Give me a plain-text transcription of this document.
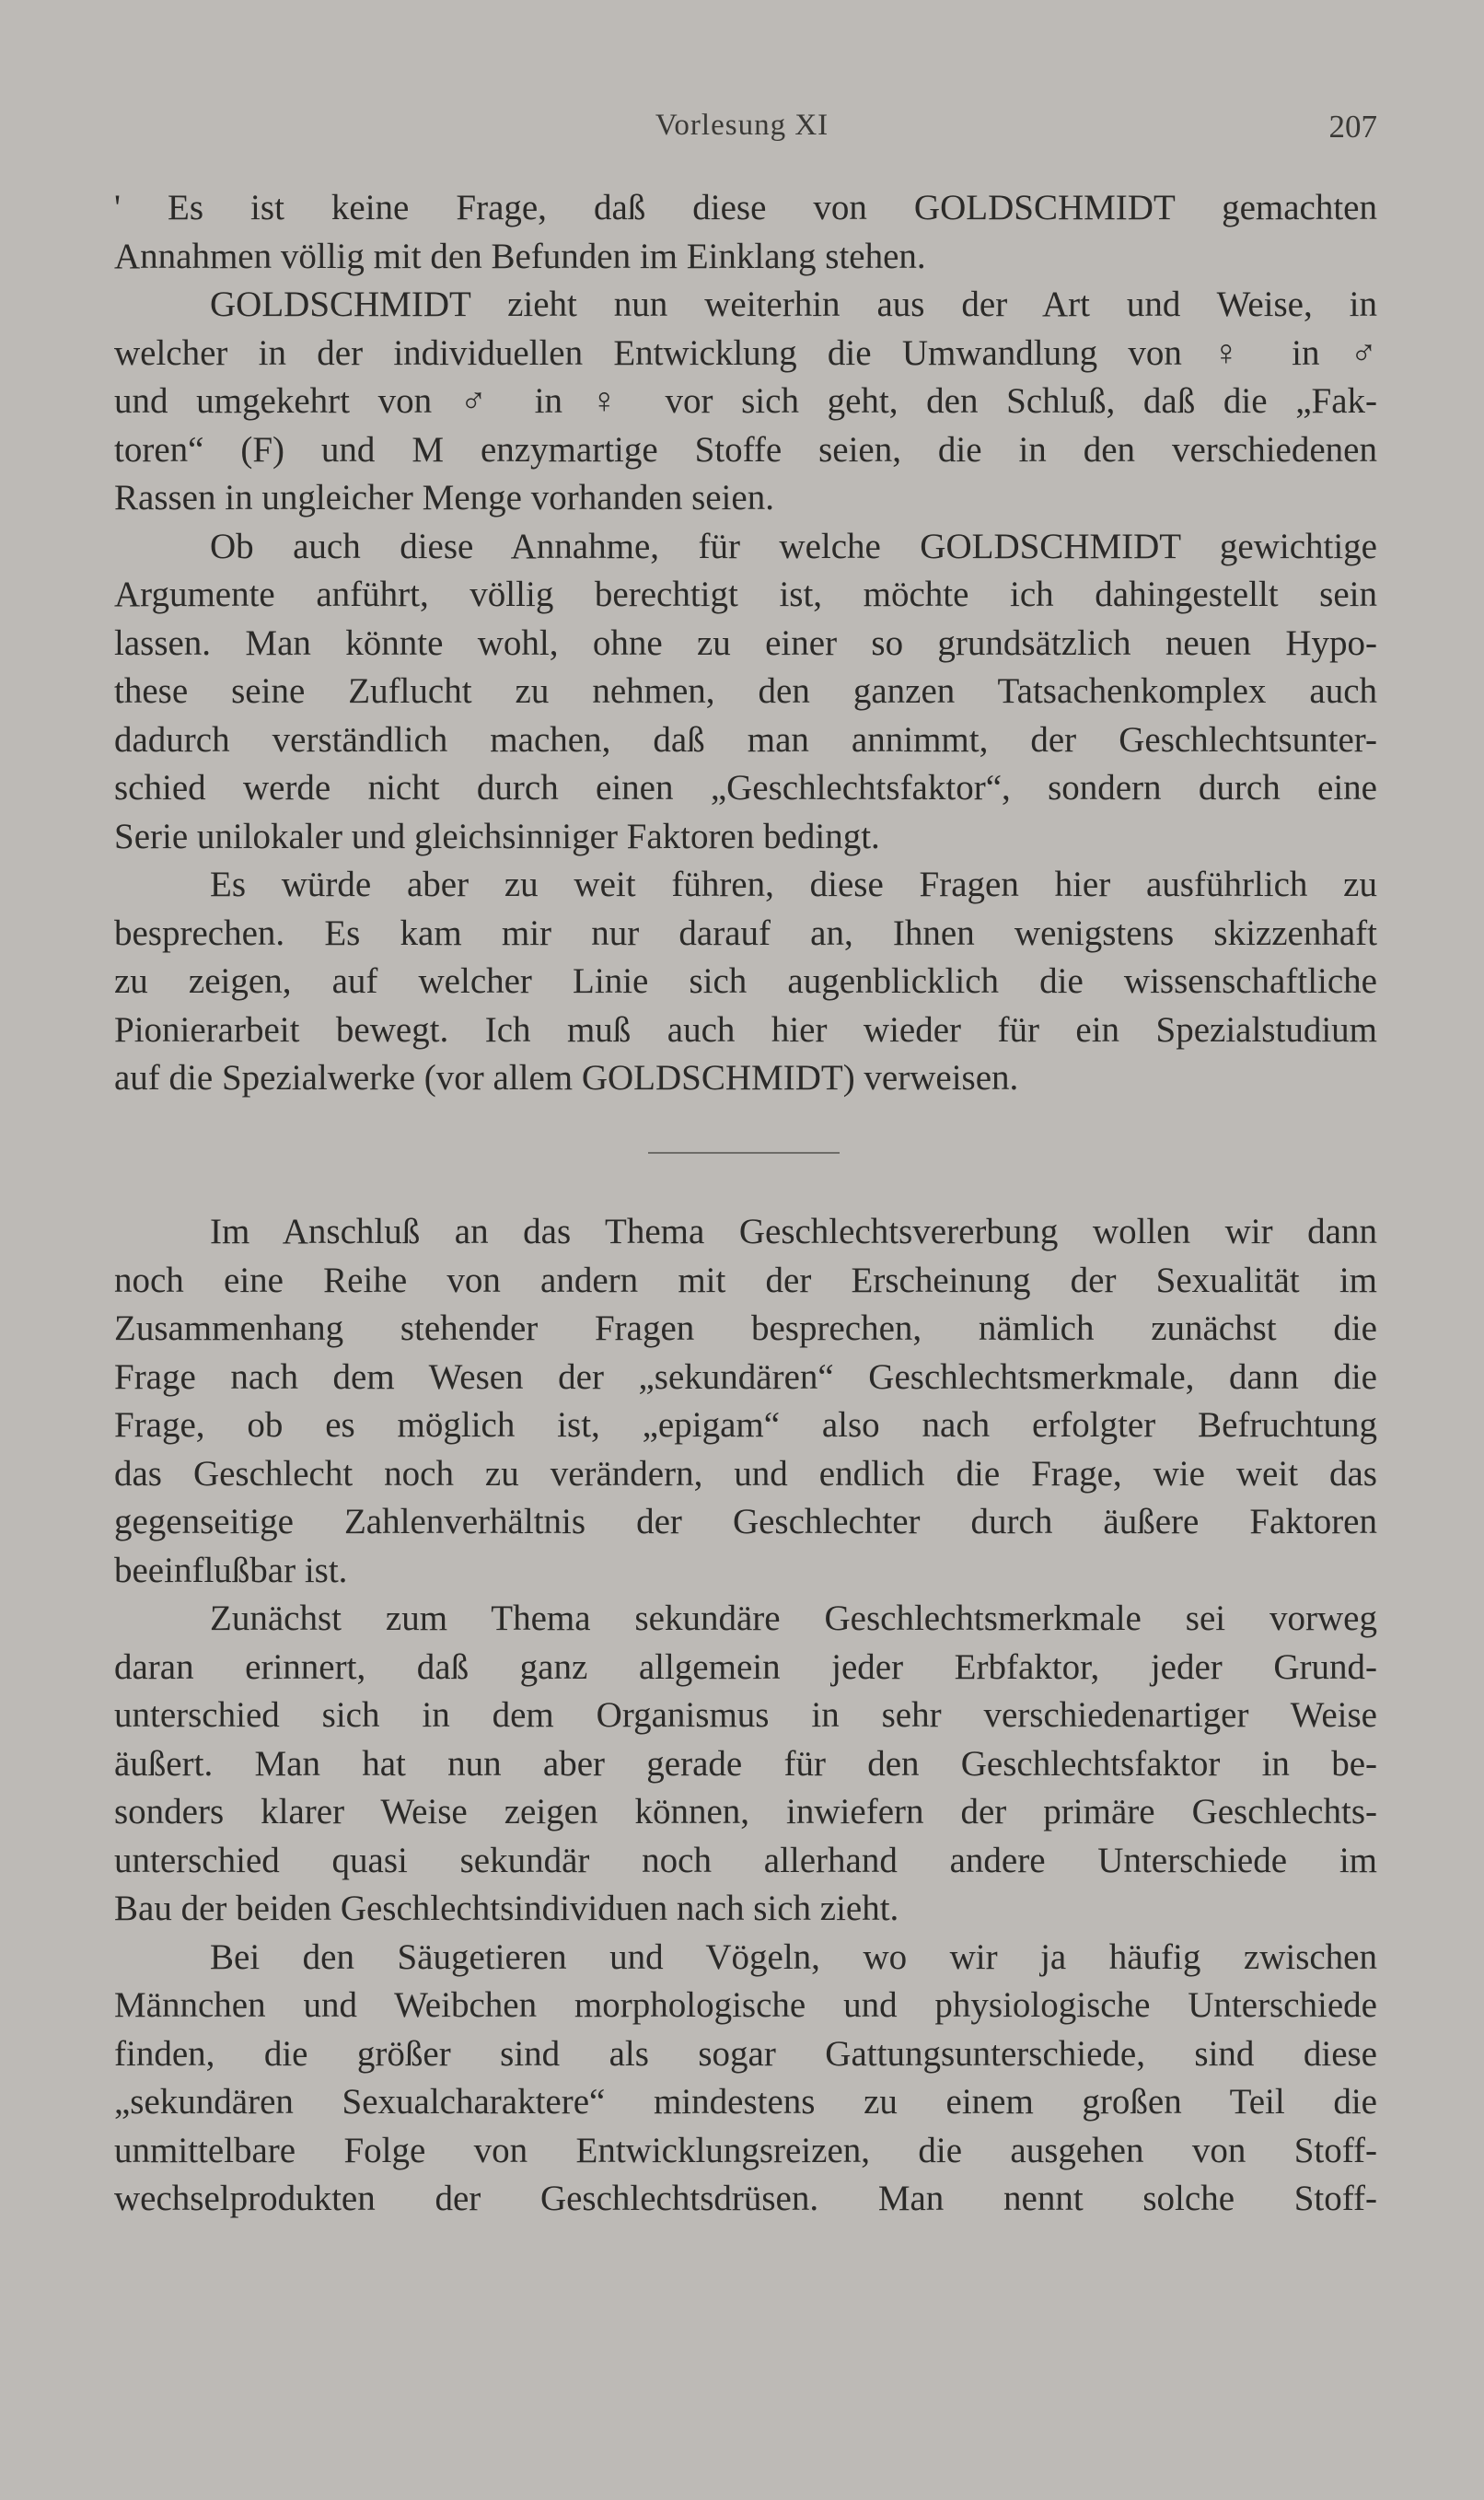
Vorlesung XI	207
' Es ist keine Frage, daß diese von GOLDSCHMIDT gemachten
Annahmen völlig mit den Befunden im Einklang stehen.
GOLDSCHMIDT zieht nun weiterhin aus der Art und Weise, in
welcher in der individuellen Entwicklung die Umwandlung von ♀ in ♂
und umgekehrt von ♂ in ♀ vor sich geht, den Schluß, daß die „Fak-
toren“ (F) und M enzymartige Stoffe seien, die in den verschiedenen
Rassen in ungleicher Menge vorhanden seien.
Ob auch diese Annahme, für welche GOLDSCHMIDT gewichtige
Argumente anführt, völlig berechtigt ist, möchte ich dahingestellt sein
lassen. Man könnte wohl, ohne zu einer so grundsätzlich neuen Hypo-
these seine Zuflucht zu nehmen, den ganzen Tatsachenkomplex auch
dadurch verständlich machen, daß man annimmt, der Geschlechtsunter-
schied werde nicht durch einen „Geschlechtsfaktor“, sondern durch eine
Serie unilokaler und gleichsinniger Faktoren bedingt.
Es würde aber zu weit führen, diese Fragen hier ausführlich zu
besprechen. Es kam mir nur darauf an, Ihnen wenigstens skizzenhaft
zu zeigen, auf welcher Linie sich augenblicklich die wissenschaftliche
Pionierarbeit bewegt. Ich muß auch hier wieder für ein Spezialstudium
auf die Spezialwerke (vor allem GOLDSCHMIDT) verweisen.
Im Anschluß an das Thema Geschlechtsvererbung wollen wir dann
noch eine Reihe von andern mit der Erscheinung der Sexualität im
Zusammenhang stehender Fragen besprechen, nämlich zunächst die
Frage nach dem Wesen der „sekundären“ Geschlechtsmerkmale, dann die
Frage, ob es möglich ist, „epigam“ also nach erfolgter Befruchtung
das Geschlecht noch zu verändern, und endlich die Frage, wie weit das
gegenseitige Zahlenverhältnis der Geschlechter durch äußere Faktoren
beeinflußbar ist.
Zunächst zum Thema sekundäre Geschlechtsmerkmale sei vorweg
daran erinnert, daß ganz allgemein jeder Erbfaktor, jeder Grund-
unterschied sich in dem Organismus in sehr verschiedenartiger Weise
äußert. Man hat nun aber gerade für den Geschlechtsfaktor in be-
sonders klarer Weise zeigen können, inwiefern der primäre Geschlechts-
unterschied quasi sekundär noch allerhand andere Unterschiede im
Bau der beiden Geschlechtsindividuen nach sich zieht.
Bei den Säugetieren und Vögeln, wo wir ja häufig zwischen
Männchen und Weibchen morphologische und physiologische Unterschiede
finden, die größer sind als sogar Gattungsunterschiede, sind diese
„sekundären Sexualcharaktere“ mindestens zu einem großen Teil die
unmittelbare Folge von Entwicklungsreizen, die ausgehen von Stoff-
wechselprodukten der Geschlechtsdrüsen. Man nennt solche Stoff-
